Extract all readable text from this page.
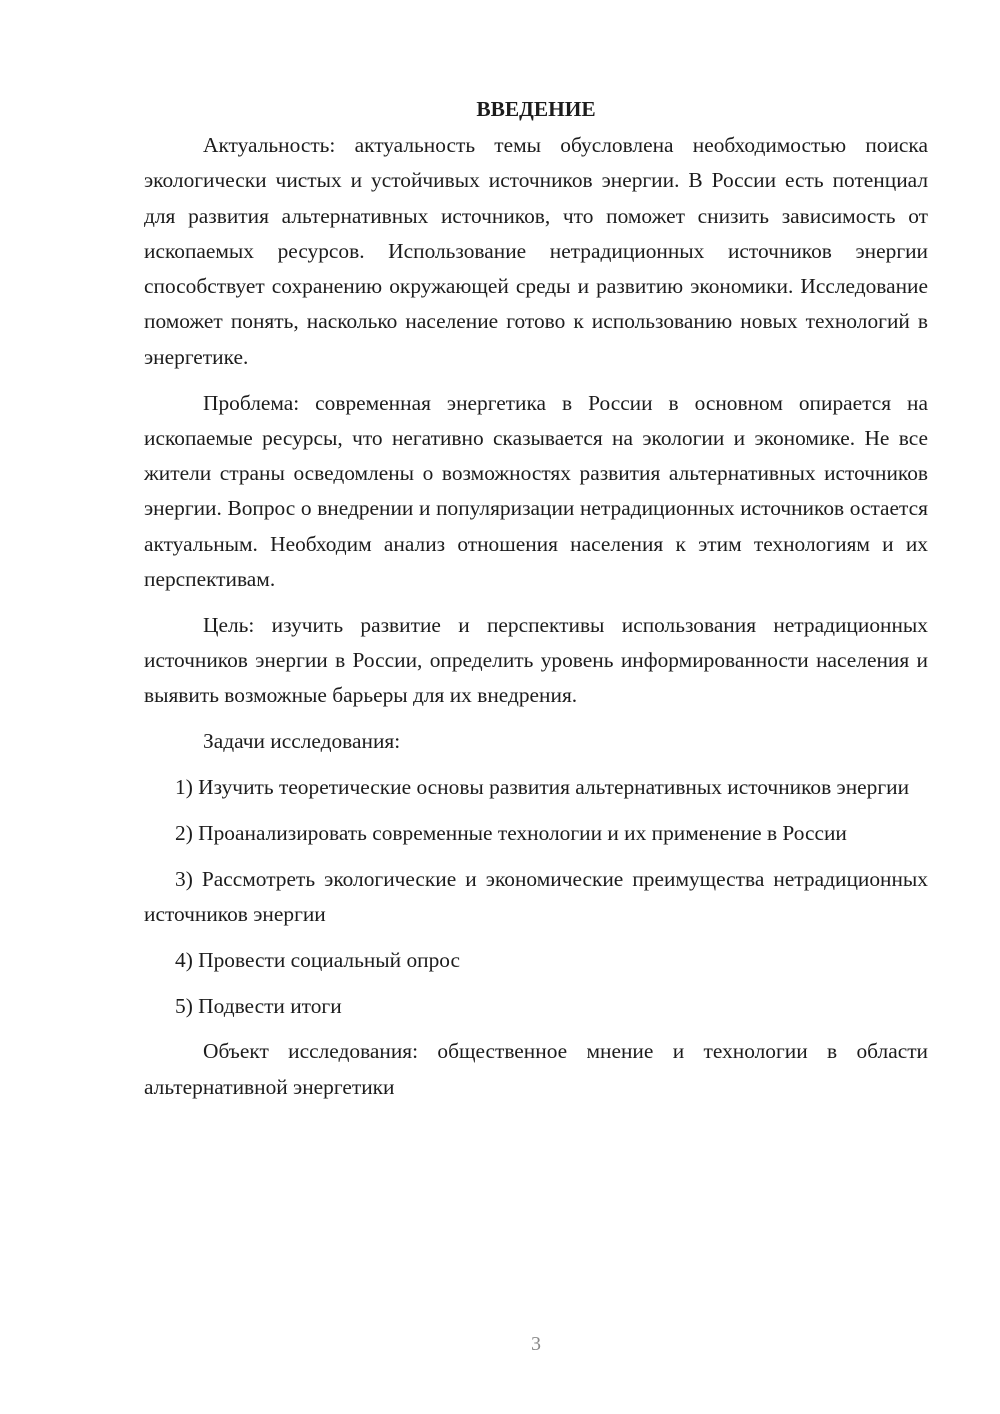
ВВЕДЕНИЕ

Актуальность: актуальность темы обусловлена необходимостью поиска экологически чистых и устойчивых источников энергии. В России есть потенциал для развития альтернативных источников, что поможет снизить зависимость от ископаемых ресурсов. Использование нетрадиционных источников энергии способствует сохранению окружающей среды и развитию экономики. Исследование поможет понять, насколько население готово к использованию новых технологий в энергетике.

Проблема: современная энергетика в России в основном опирается на ископаемые ресурсы, что негативно сказывается на экологии и экономике. Не все жители страны осведомлены о возможностях развития альтернативных источников энергии. Вопрос о внедрении и популяризации нетрадиционных источников остается актуальным. Необходим анализ отношения населения к этим технологиям и их перспективам.

Цель: изучить развитие и перспективы использования нетрадиционных источников энергии в России, определить уровень информированности населения и выявить возможные барьеры для их внедрения.

Задачи исследования:

1) Изучить теоретические основы развития альтернативных источников энергии

2) Проанализировать современные технологии и их применение в России

3) Рассмотреть экологические и экономические преимущества нетрадиционных источников энергии

4) Провести социальный опрос

5) Подвести итоги

Объект исследования: общественное мнение и технологии в области альтернативной энергетики

3
